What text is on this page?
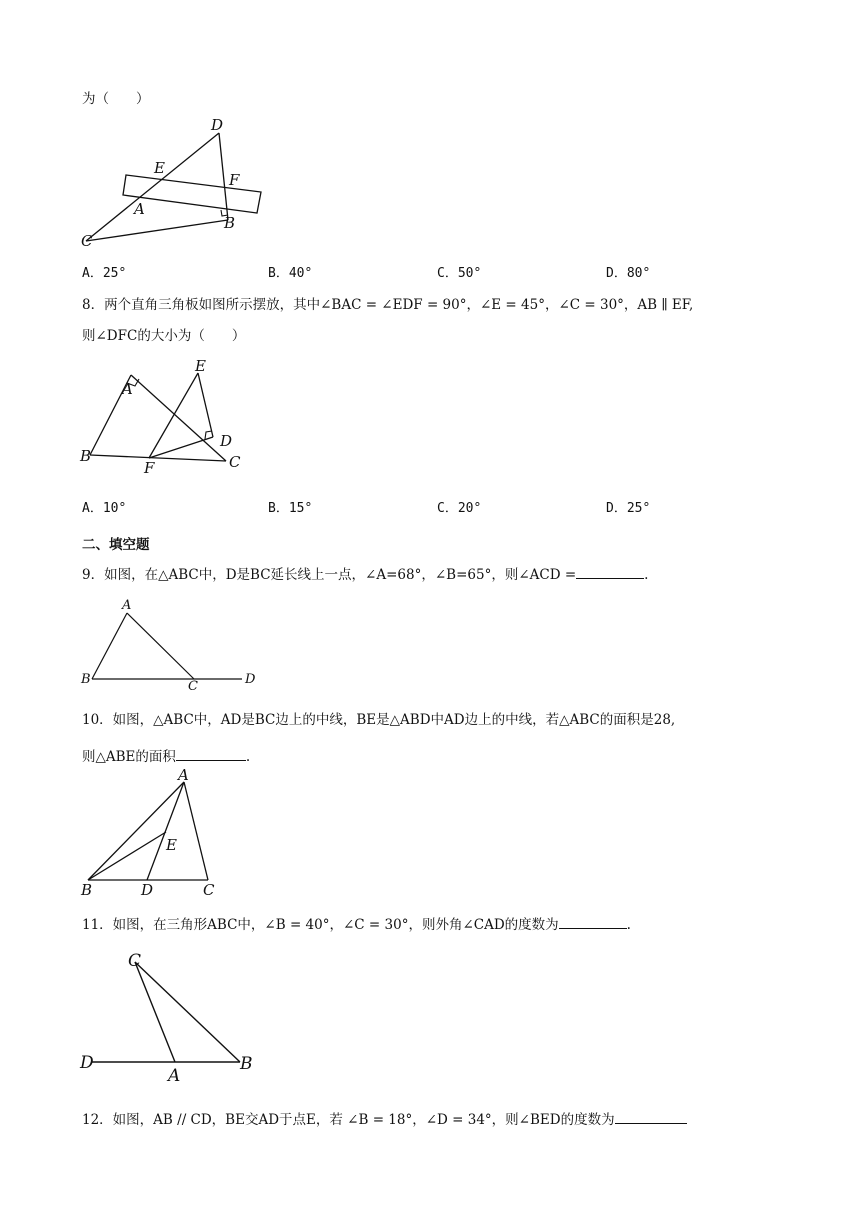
为（　　）
D
E
F
A
B
C
A．25°	B．40°	C．50°	D．80°
8．两个直角三角板如图所示摆放，其中∠BAC = ∠EDF = 90°，∠E = 45°，∠C = 30°，AB ∥ EF,
则∠DFC的大小为（　　）
E
A
D
B
F	C
A．10°	B．15°	C．20°	D．25°
二、填空题
9．如图，在△ABC中，D是BC延长线上一点，∠A=68°，∠B=65°，则∠ACD =	.
A
B	C	D
10．如图，△ABC中，AD是BC边上的中线，BE是△ABD中AD边上的中线，若△ABC的面积是28,
则△ABE的面积	.
A
E
B	D	C
11．如图，在三角形ABC中，∠B = 40°，∠C = 30°，则外角∠CAD的度数为	.
C
D
A
B
12．如图，AB // CD，BE交AD于点E，若 ∠B = 18°，∠D = 34°，则∠BED的度数为
